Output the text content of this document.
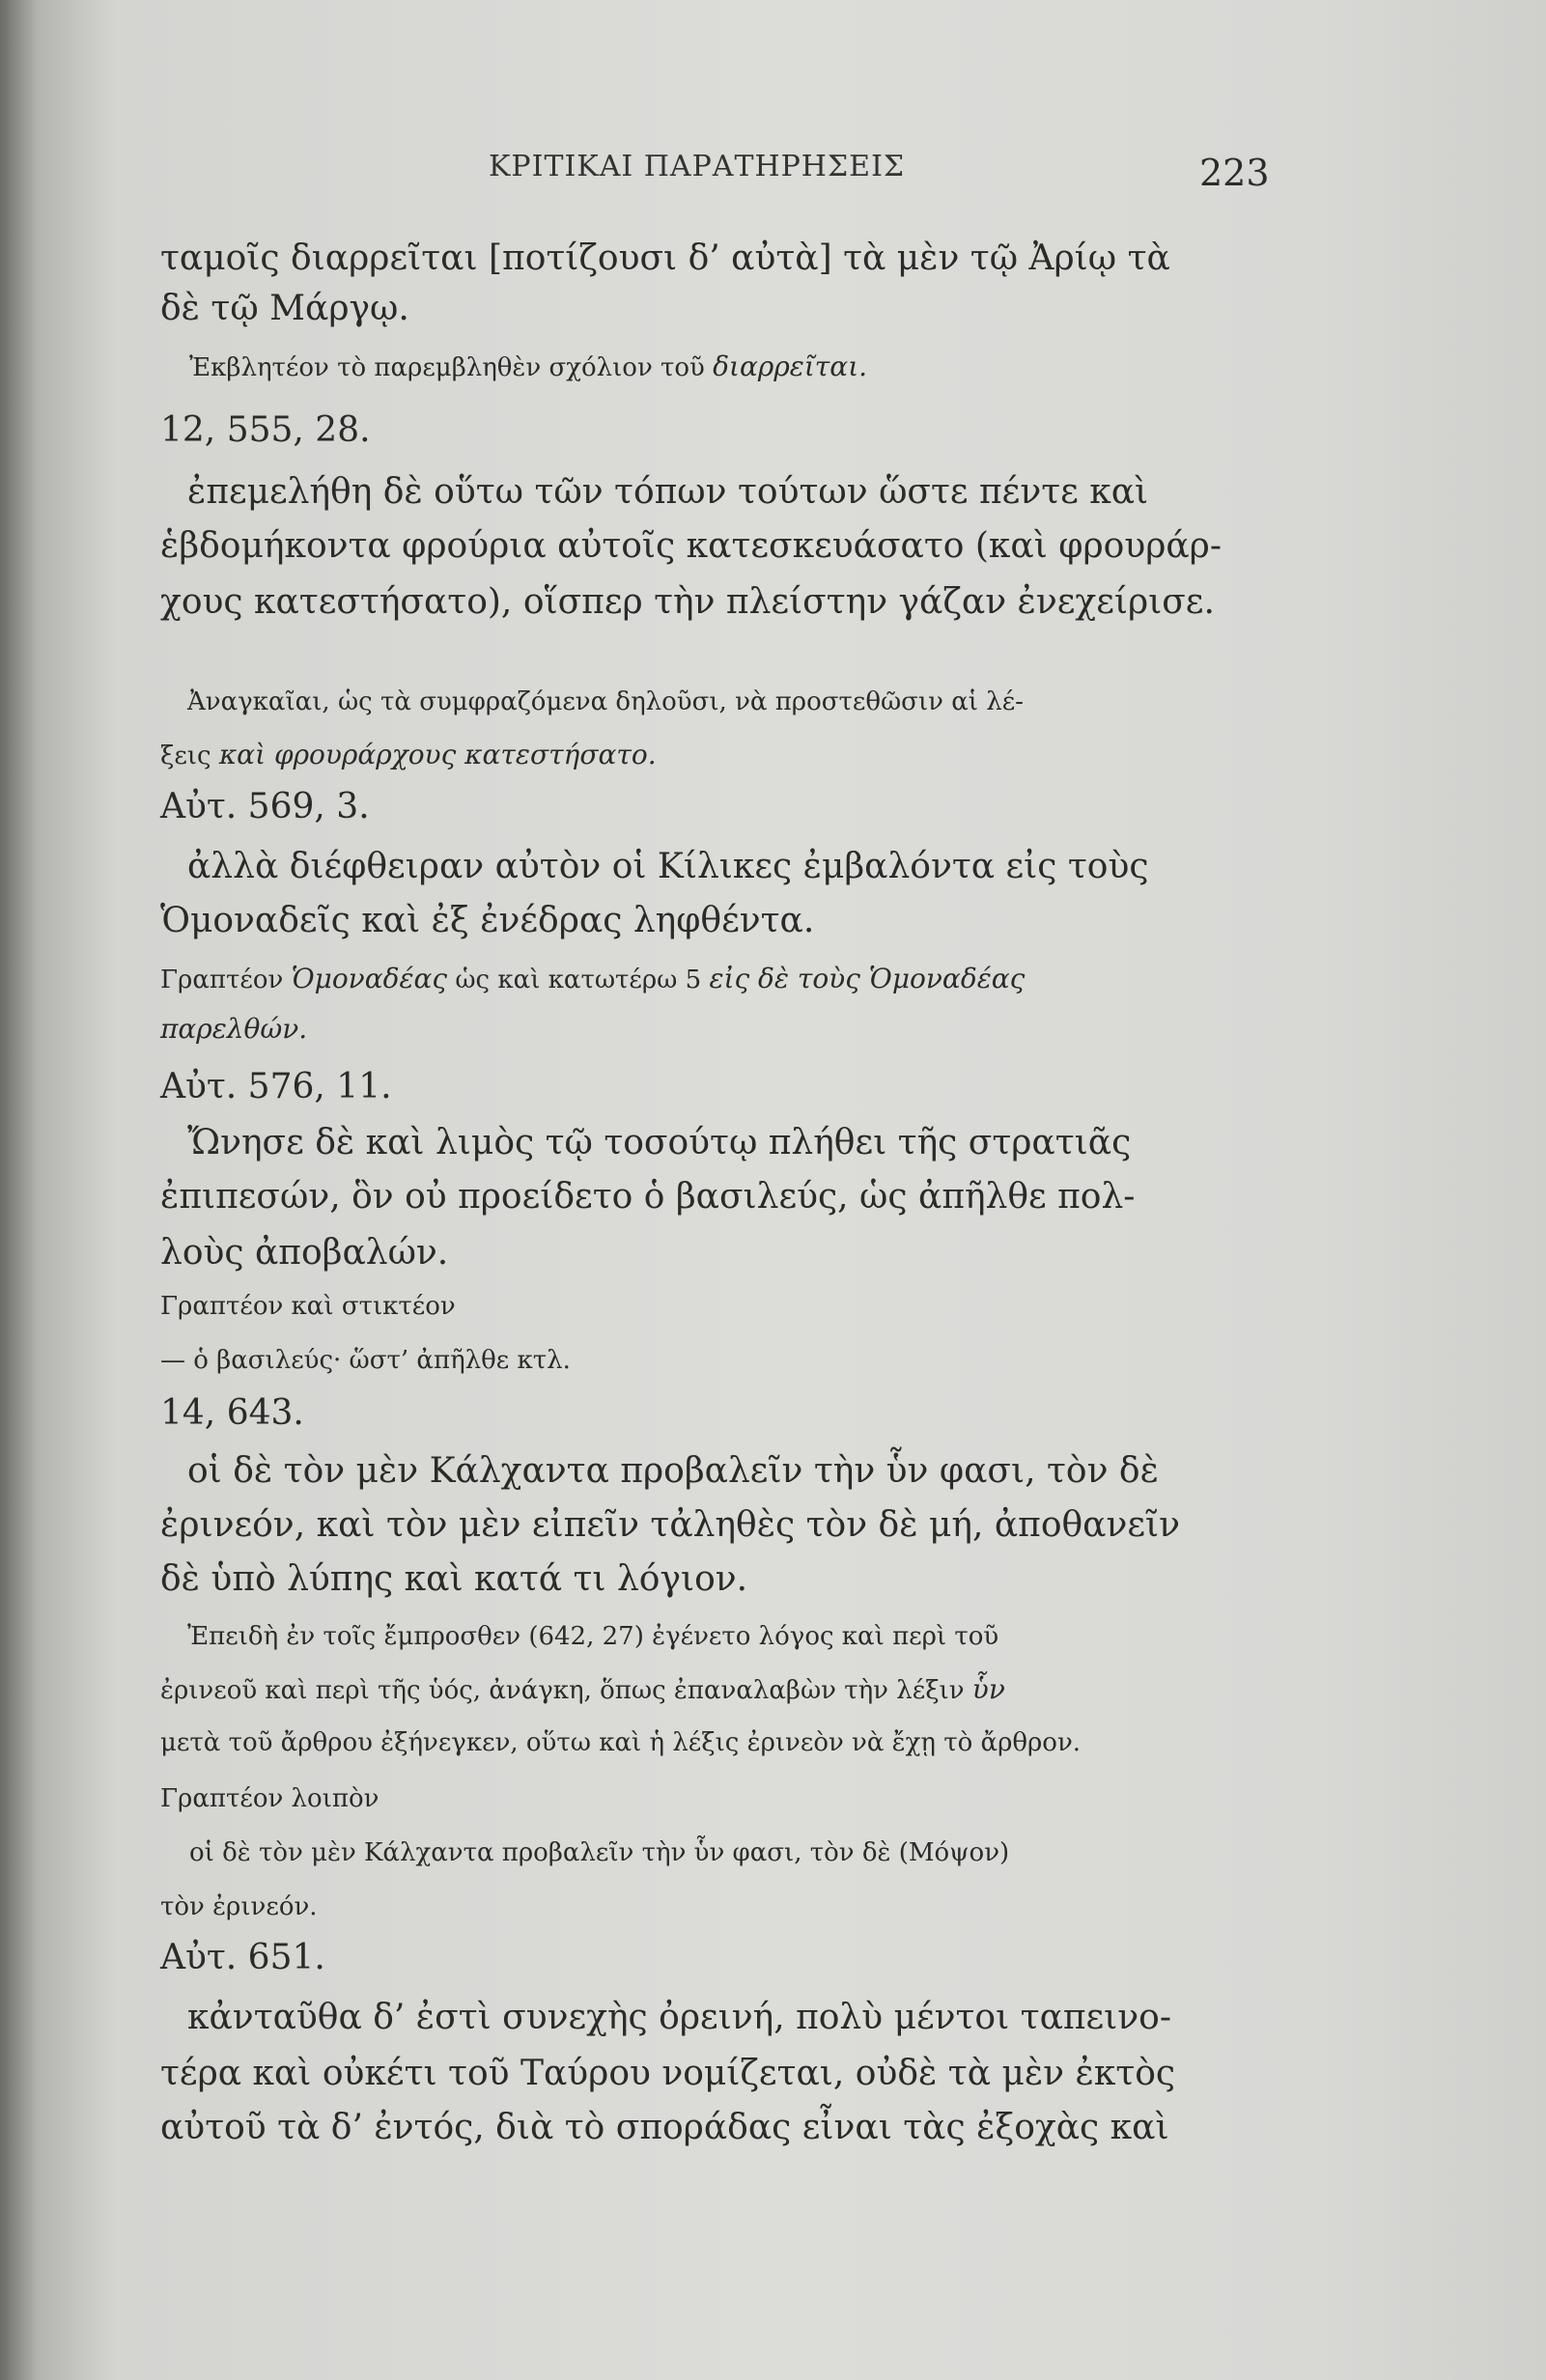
ΚΡΙΤΙΚΑΙ ΠΑΡΑΤΗΡΗΣΕΙΣ	223
ταμοῖς διαρρεῖται [ποτίζουσι δ’ αὐτὰ] τὰ μὲν τῷ Ἀρίῳ τὰ
δὲ τῷ Μάργῳ.
Ἐκβλητέον τὸ παρεμβληθὲν σχόλιον τοῦ διαρρεῖται.
12, 555, 28.
ἐπεμελήθη δὲ οὕτω τῶν τόπων τούτων ὥστε πέντε καὶ
ἑβδομήκοντα φρούρια αὐτοῖς κατεσκευάσατο (καὶ φρουράρ-
χους κατεστήσατο), οἵσπερ τὴν πλείστην γάζαν ἐνεχείρισε.
Ἀναγκαῖαι, ὡς τὰ συμφραζόμενα δηλοῦσι, νὰ προστεθῶσιν αἱ λέ-
ξεις καὶ φρουράρχους κατεστήσατο.
Αὐτ. 569, 3.
ἀλλὰ διέφθειραν αὐτὸν οἱ Κίλικες ἐμβαλόντα εἰς τοὺς
Ὁμοναδεῖς καὶ ἐξ ἐνέδρας ληφθέντα.
Γραπτέον Ὁμοναδέας ὡς καὶ κατωτέρω 5 εἰς δὲ τοὺς Ὁμοναδέας
παρελθών.
Αὐτ. 576, 11.
Ὤνησε δὲ καὶ λιμὸς τῷ τοσούτῳ πλήθει τῆς στρατιᾶς
ἐπιπεσών, ὃν οὐ προείδετο ὁ βασιλεύς, ὡς ἀπῆλθε πολ-
λοὺς ἀποβαλών.
Γραπτέον καὶ στικτέον
— ὁ βασιλεύς· ὥστ’ ἀπῆλθε κτλ.
14, 643.
οἱ δὲ τὸν μὲν Κάλχαντα προβαλεῖν τὴν ὗν φασι, τὸν δὲ
ἐρινεόν, καὶ τὸν μὲν εἰπεῖν τἀληθὲς τὸν δὲ μή, ἀποθανεῖν
δὲ ὑπὸ λύπης καὶ κατά τι λόγιον.
Ἐπειδὴ ἐν τοῖς ἔμπροσθεν (642, 27) ἐγένετο λόγος καὶ περὶ τοῦ
ἐρινεοῦ καὶ περὶ τῆς ὑός, ἀνάγκη, ὅπως ἐπαναλαβὼν τὴν λέξιν ὗν
μετὰ τοῦ ἄρθρου ἐξήνεγκεν, οὕτω καὶ ἡ λέξις ἐρινεὸν νὰ ἔχῃ τὸ ἄρθρον.
Γραπτέον λοιπὸν
οἱ δὲ τὸν μὲν Κάλχαντα προβαλεῖν τὴν ὗν φασι, τὸν δὲ (Μόψον)
τὸν ἐρινεόν.
Αὐτ. 651.
κἀνταῦθα δ’ ἐστὶ συνεχὴς ὀρεινή, πολὺ μέντοι ταπεινο-
τέρα καὶ οὐκέτι τοῦ Ταύρου νομίζεται, οὐδὲ τὰ μὲν ἐκτὸς
αὐτοῦ τὰ δ’ ἐντός, διὰ τὸ σποράδας εἶναι τὰς ἐξοχὰς καὶ
